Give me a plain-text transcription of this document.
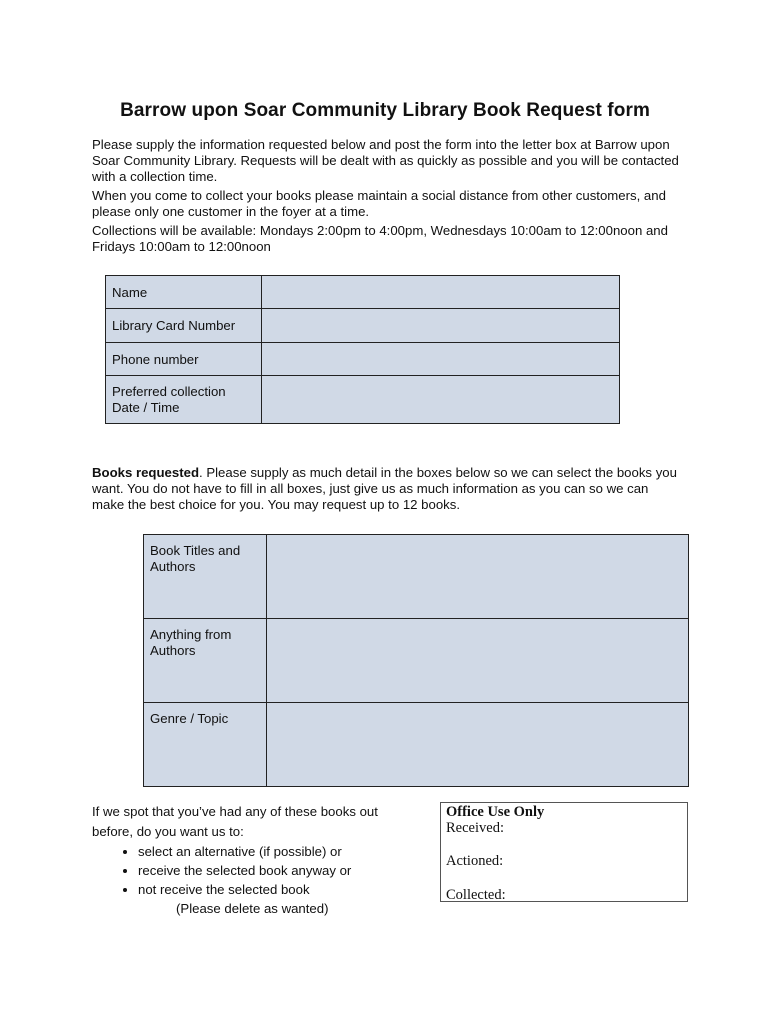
Barrow upon Soar Community Library Book Request form

Please supply the information requested below and post the form into the letter box at Barrow upon Soar Community Library. Requests will be dealt with as quickly as possible and you will be contacted with a collection time.

When you come to collect your books please maintain a social distance from other customers, and please only one customer in the foyer at a time.

Collections will be available: Mondays 2:00pm to 4:00pm, Wednesdays 10:00am to 12:00noon and Fridays 10:00am to 12:00noon

Name	
Library Card Number	
Phone number	
Preferred collection Date / Time	

Books requested. Please supply as much detail in the boxes below so we can select the books you want. You do not have to fill in all boxes, just give us as much information as you can so we can make the best choice for you. You may request up to 12 books.

Book Titles and Authors	
Anything from Authors	
Genre / Topic	
If we spot that you’ve had any of these books out before, do you want us to:
• select an alternative (if possible) or
• receive the selected book anyway or
• not receive the selected book
(Please delete as wanted)
Office Use Only
Received:
Actioned:
Collected:
